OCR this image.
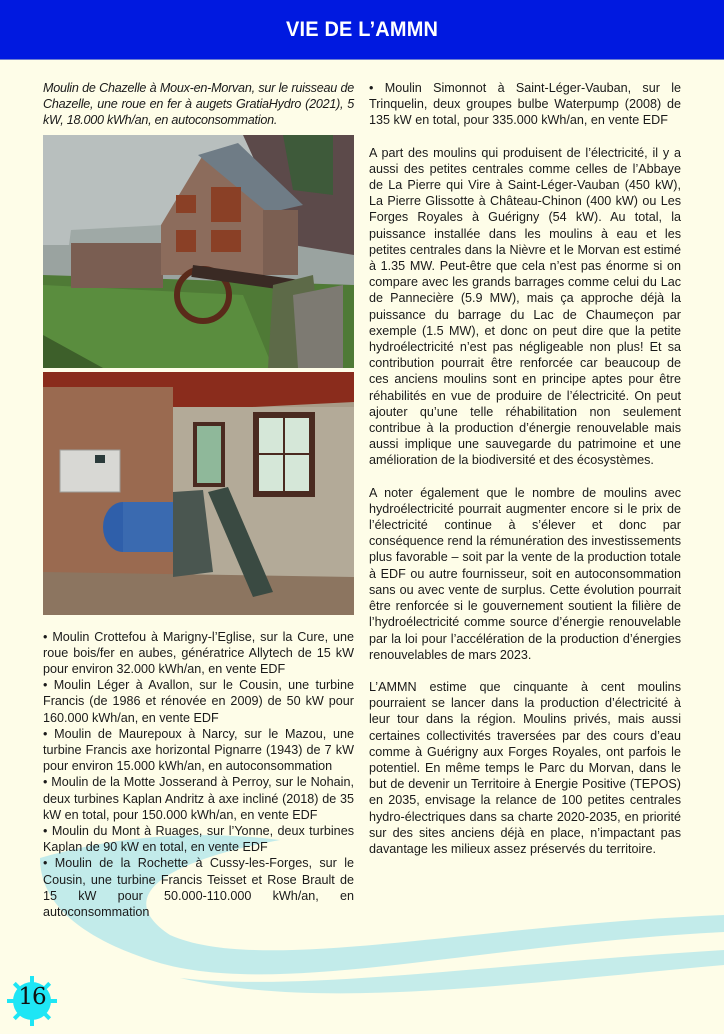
VIE DE L’AMMN

Moulin de Chazelle à Moux-en-Morvan, sur le ruisseau de Chazelle, une roue en fer à augets GratiaHydro (2021), 5 kW, 18.000 kWh/an, en autoconsommation.

• Moulin Crottefou à Marigny-l’Eglise, sur la Cure, une roue bois/fer en aubes, génératrice Allytech de 15 kW pour environ 32.000 kWh/an, en vente EDF
• Moulin Léger à Avallon, sur le Cousin, une turbine Francis (de 1986 et rénovée en 2009) de 50 kW pour 160.000 kWh/an, en vente EDF
• Moulin de Maurepoux à Narcy, sur le Mazou, une turbine Francis axe horizontal Pignarre (1943) de 7 kW pour environ 15.000 kWh/an, en autoconsommation
• Moulin de la Motte Josserand à Perroy, sur le Nohain, deux turbines Kaplan Andritz à axe incliné (2018) de 35 kW en total, pour 150.000 kWh/an, en vente EDF
• Moulin du Mont à Ruages, sur l’Yonne, deux turbines Kaplan de 90 kW en total, en vente EDF
• Moulin de la Rochette à Cussy-les-Forges, sur le Cousin, une turbine Francis Teisset et Rose Brault de 15 kW pour 50.000-110.000 kWh/an, en autoconsommation
• Moulin Simonnot à Saint-Léger-Vauban, sur le Trinquelin, deux groupes bulbe Waterpump (2008) de 135 kW en total, pour 335.000 kWh/an, en vente EDF

A part des moulins qui produisent de l’électricité, il y a aussi des petites centrales comme celles de l’Abbaye de La Pierre qui Vire à Saint-Léger-Vauban (450 kW), La Pierre Glissotte à Château-Chinon (400 kW) ou Les Forges Royales à Guérigny (54 kW). Au total, la puissance installée dans les moulins à eau et les petites centrales dans la Nièvre et le Morvan est estimé à 1.35 MW. Peut-être que cela n’est pas énorme si on compare avec les grands barrages comme celui du Lac de Pannecière (5.9 MW), mais ça approche déjà la puissance du barrage du Lac de Chaumeçon par exemple (1.5 MW), et donc on peut dire que la petite hydroélectricité n’est pas négligeable non plus! Et sa contribution pourrait être renforcée car beaucoup de ces anciens moulins sont en principe aptes pour être réhabilités en vue de produire de l’électricité. On peut ajouter qu’une telle réhabilitation non seulement contribue à la production d’énergie renouvelable mais aussi implique une sauvegarde du patrimoine et une amélioration de la biodiversité et des écosystèmes.

A noter également que le nombre de moulins avec hydroélectricité pourrait augmenter encore si le prix de l’électricité continue à s’élever et donc par conséquence rend la rémunération des investissements plus favorable – soit par la vente de la production totale à EDF ou autre fournisseur, soit en autoconsommation sans ou avec vente de surplus. Cette évolution pourrait être renforcée si le gouvernement soutient la filière de l’hydroélectricité comme source d’énergie renouvelable par la loi pour l’accélération de la production d’énergies renouvelables de mars 2023.

L’AMMN estime que cinquante à cent moulins pourraient se lancer dans la production d’électricité à leur tour dans la région. Moulins privés, mais aussi certaines collectivités traversées par des cours d’eau comme à Guérigny aux Forges Royales, ont parfois le potentiel. En même temps le Parc du Morvan, dans le but de devenir un Territoire à Energie Positive (TEPOS) en 2035, envisage la relance de 100 petites centrales hydro-électriques dans sa charte 2020-2035, en priorité sur des sites anciens déjà en place, n’impactant pas davantage les milieux assez préservés du territoire.

16
